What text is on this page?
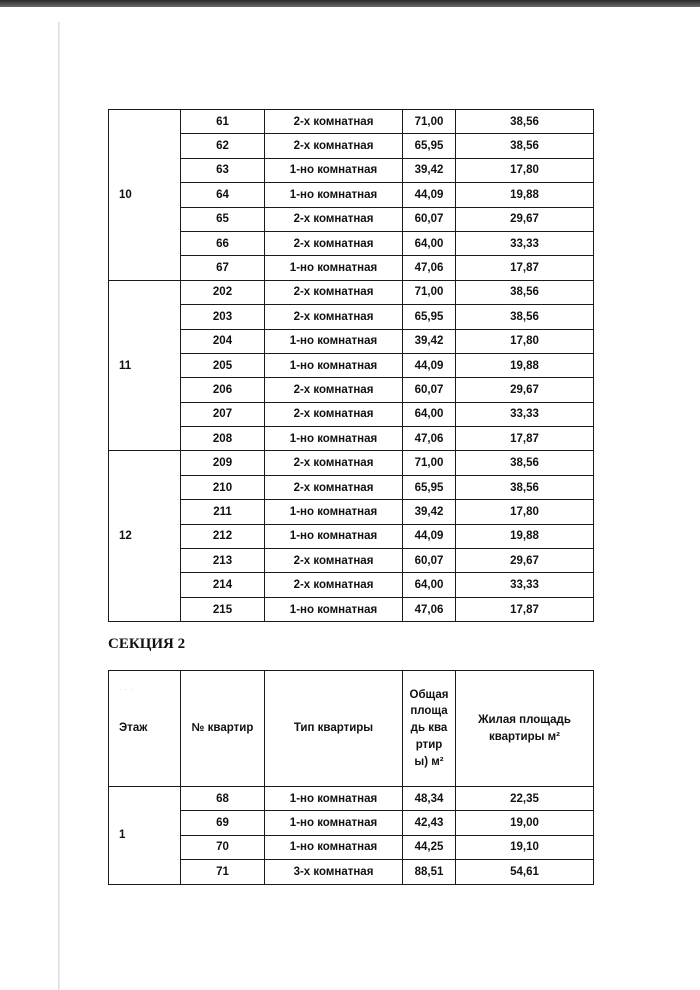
10	61	2-х комнатная	71,00	38,56
	62	2-х комнатная	65,95	38,56
	63	1-но комнатная	39,42	17,80
	64	1-но комнатная	44,09	19,88
	65	2-х комнатная	60,07	29,67
	66	2-х комнатная	64,00	33,33
	67	1-но комнатная	47,06	17,87
11	202	2-х комнатная	71,00	38,56
	203	2-х комнатная	65,95	38,56
	204	1-но комнатная	39,42	17,80
	205	1-но комнатная	44,09	19,88
	206	2-х комнатная	60,07	29,67
	207	2-х комнатная	64,00	33,33
	208	1-но комнатная	47,06	17,87
12	209	2-х комнатная	71,00	38,56
	210	2-х комнатная	65,95	38,56
	211	1-но комнатная	39,42	17,80
	212	1-но комнатная	44,09	19,88
	213	2-х комнатная	60,07	29,67
	214	2-х комнатная	64,00	33,33
	215	1-но комнатная	47,06	17,87
СЕКЦИЯ 2
- - -
Этаж	№ квартир	Тип квартиры	Общая площадь квартиры) м²	Жилая площадь квартиры м²
1	68	1-но комнатная	48,34	22,35
	69	1-но комнатная	42,43	19,00
	70	1-но комнатная	44,25	19,10
	71	3-х комнатная	88,51	54,61
